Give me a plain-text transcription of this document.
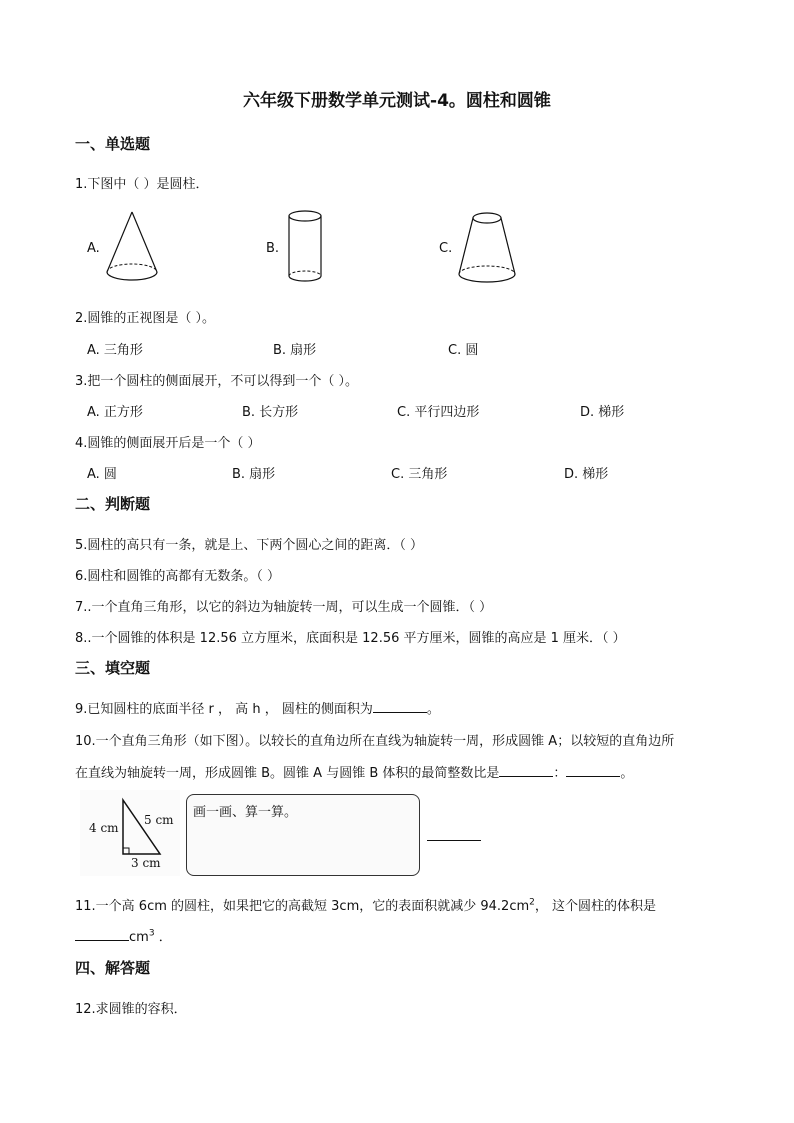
六年级下册数学单元测试-4。圆柱和圆锥
一、单选题
1.下图中（ ）是圆柱．
A.	B.	C.
2.圆锥的正视图是（ ）。
A. 三角形	B. 扇形	C. 圆
3.把一个圆柱的侧面展开，不可以得到一个（ ）。
A. 正方形	B. 长方形	C. 平行四边形	D. 梯形
4.圆锥的侧面展开后是一个（ ）
A. 圆	B. 扇形	C. 三角形	D. 梯形
二、判断题
5.圆柱的高只有一条，就是上、下两个圆心之间的距离．（ ）
6.圆柱和圆锥的高都有无数条。（ ）
7..一个直角三角形，以它的斜边为轴旋转一周，可以生成一个圆锥．（ ）
8..一个圆锥的体积是 12.56 立方厘米，底面积是 12.56 平方厘米，圆锥的高应是 1 厘米．（ ）
三、填空题
9.已知圆柱的底面半径 r ， 高 h ， 圆柱的侧面积为	。
10.一个直角三角形（如下图）。以较长的直角边所在直线为轴旋转一周，形成圆锥 A；以较短的直角边所
在直线为轴旋转一周，形成圆锥 B。圆锥 A 与圆锥 B 体积的最简整数比是	：	。
4 cm
5 cm
3 cm
画一画、算一算。
11.一个高 6cm 的圆柱，如果把它的高截短 3cm，它的表面积就减少 $94.2cm^2$， 这个圆柱的体积是
$cm^3$ ．
四、解答题
12.求圆锥的容积．
